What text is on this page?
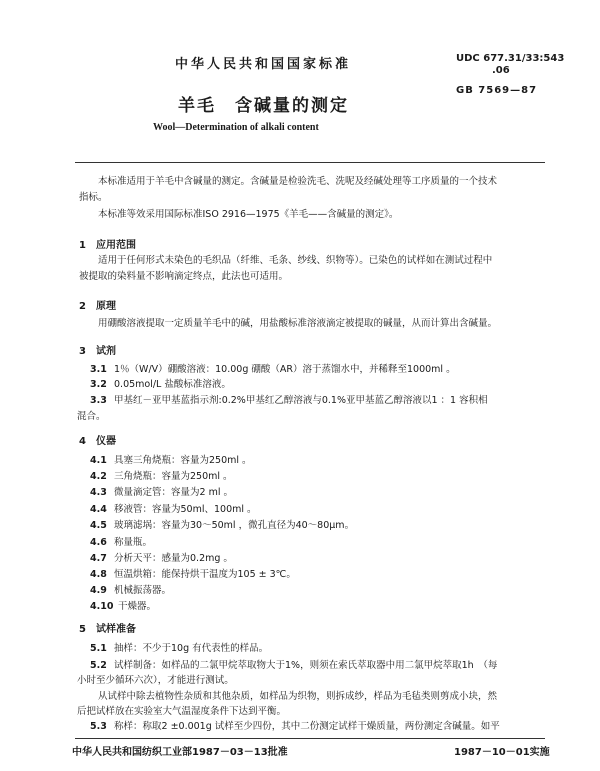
中华人民共和国国家标准	UDC 677.31/33:543
.06
GB 7569—87
羊毛　含碱量的测定
Wool—Determination of alkali content
本标准适用于羊毛中含碱量的测定。含碱量是检验洗毛、洗呢及经碱处理等工序质量的一个技术
指标。
本标准等效采用国际标准ISO 2916—1975《羊毛——含碱量的测定》。
1　应用范围
适用于任何形式未染色的毛织品（纤维、毛条、纱线、织物等）。已染色的试样如在测试过程中
被提取的染料量不影响滴定终点，此法也可适用。
2　原理
用硼酸溶液提取一定质量羊毛中的碱，用盐酸标准溶液滴定被提取的碱量，从而计算出含碱量。
3　试剂
3.1 1％（W/V）硼酸溶液：10.00g 硼酸（AR）溶于蒸馏水中，并稀释至1000ml 。
3.2 0.05mol/L 盐酸标准溶液。
3.3 甲基红－亚甲基蓝指示剂:0.2%甲基红乙醇溶液与0.1%亚甲基蓝乙醇溶液以1 ：1 容积相
混合。
4　仪器
4.1 具塞三角烧瓶：容量为250ml 。
4.2 三角烧瓶：容量为250ml 。
4.3 微量滴定管：容量为2 ml 。
4.4 移液管：容量为50ml、100ml 。
4.5 玻璃滤埚：容量为30～50ml ，微孔直径为40～80μm。
4.6 称量瓶。
4.7 分析天平：感量为0.2mg 。
4.8 恒温烘箱：能保持烘干温度为105 ± 3℃。
4.9 机械振荡器。
4.10 干燥器。
5　试样准备
5.1 抽样：不少于10g 有代表性的样品。
5.2 试样制备：如样品的二氯甲烷萃取物大于1%，则须在索氏萃取器中用二氯甲烷萃取1h　（每
小时至少循环六次），才能进行测试。
从试样中除去植物性杂质和其他杂质，如样品为织物，则拆成纱，样品为毛毡类则剪成小块，然
后把试样放在实验室大气温湿度条件下达到平衡。
5.3 称样：称取2 ±0.001g 试样至少四份，其中二份测定试样干燥质量，两份测定含碱量。如平
中华人民共和国纺织工业部1987－03－13批准	1987－10－01实施
